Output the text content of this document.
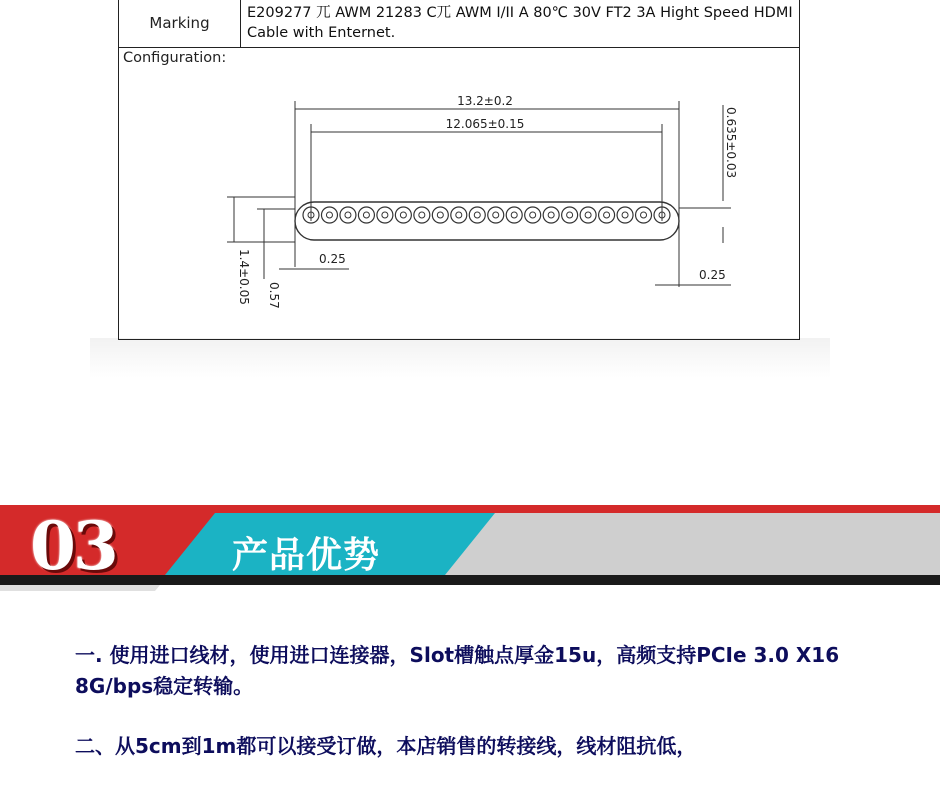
Marking
E209277 兀 AWM 21283 C兀 AWM I/II A 80℃ 30V FT2 3A Hight Speed HDMI Cable with Enternet.
Configuration:
13.2±0.2
12.065±0.15
0.25
0.25
0.635±0.03
1.4±0.05 0.57
03	产品优势
一. 使用进口线材，使用进口连接器，Slot槽触点厚金15u，高频支持PCIe 3.0 X16 8G/bps稳定转输。
二、从5cm到1m都可以接受订做，本店销售的转接线，线材阻抗低，
